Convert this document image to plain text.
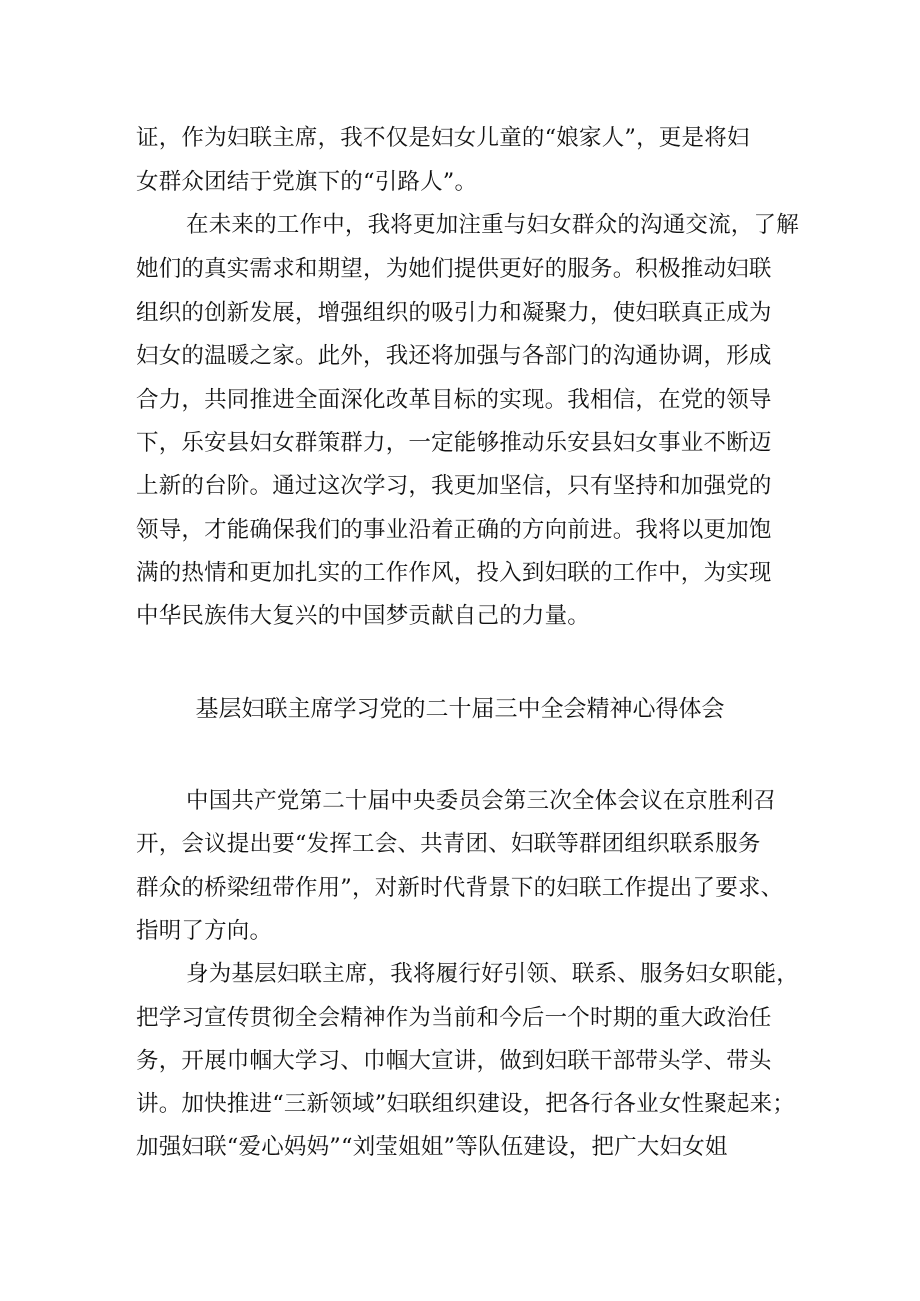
证，作为妇联主席，我不仅是妇女儿童的“娘家人”，更是将妇
女群众团结于党旗下的“引路人”。
在未来的工作中，我将更加注重与妇女群众的沟通交流，了解
她们的真实需求和期望，为她们提供更好的服务。积极推动妇联
组织的创新发展，增强组织的吸引力和凝聚力，使妇联真正成为
妇女的温暖之家。此外，我还将加强与各部门的沟通协调，形成
合力，共同推进全面深化改革目标的实现。我相信，在党的领导
下，乐安县妇女群策群力，一定能够推动乐安县妇女事业不断迈
上新的台阶。通过这次学习，我更加坚信，只有坚持和加强党的
领导，才能确保我们的事业沿着正确的方向前进。我将以更加饱
满的热情和更加扎实的工作作风，投入到妇联的工作中，为实现
中华民族伟大复兴的中国梦贡献自己的力量。
基层妇联主席学习党的二十届三中全会精神心得体会
中国共产党第二十届中央委员会第三次全体会议在京胜利召
开，会议提出要“发挥工会、共青团、妇联等群团组织联系服务
群众的桥梁纽带作用”，对新时代背景下的妇联工作提出了要求、
指明了方向。
身为基层妇联主席，我将履行好引领、联系、服务妇女职能，
把学习宣传贯彻全会精神作为当前和今后一个时期的重大政治任
务，开展巾帼大学习、巾帼大宣讲，做到妇联干部带头学、带头
讲。加快推进“三新领域”妇联组织建设，把各行各业女性聚起来；
加强妇联“爱心妈妈”“刘莹姐姐”等队伍建设，把广大妇女姐
